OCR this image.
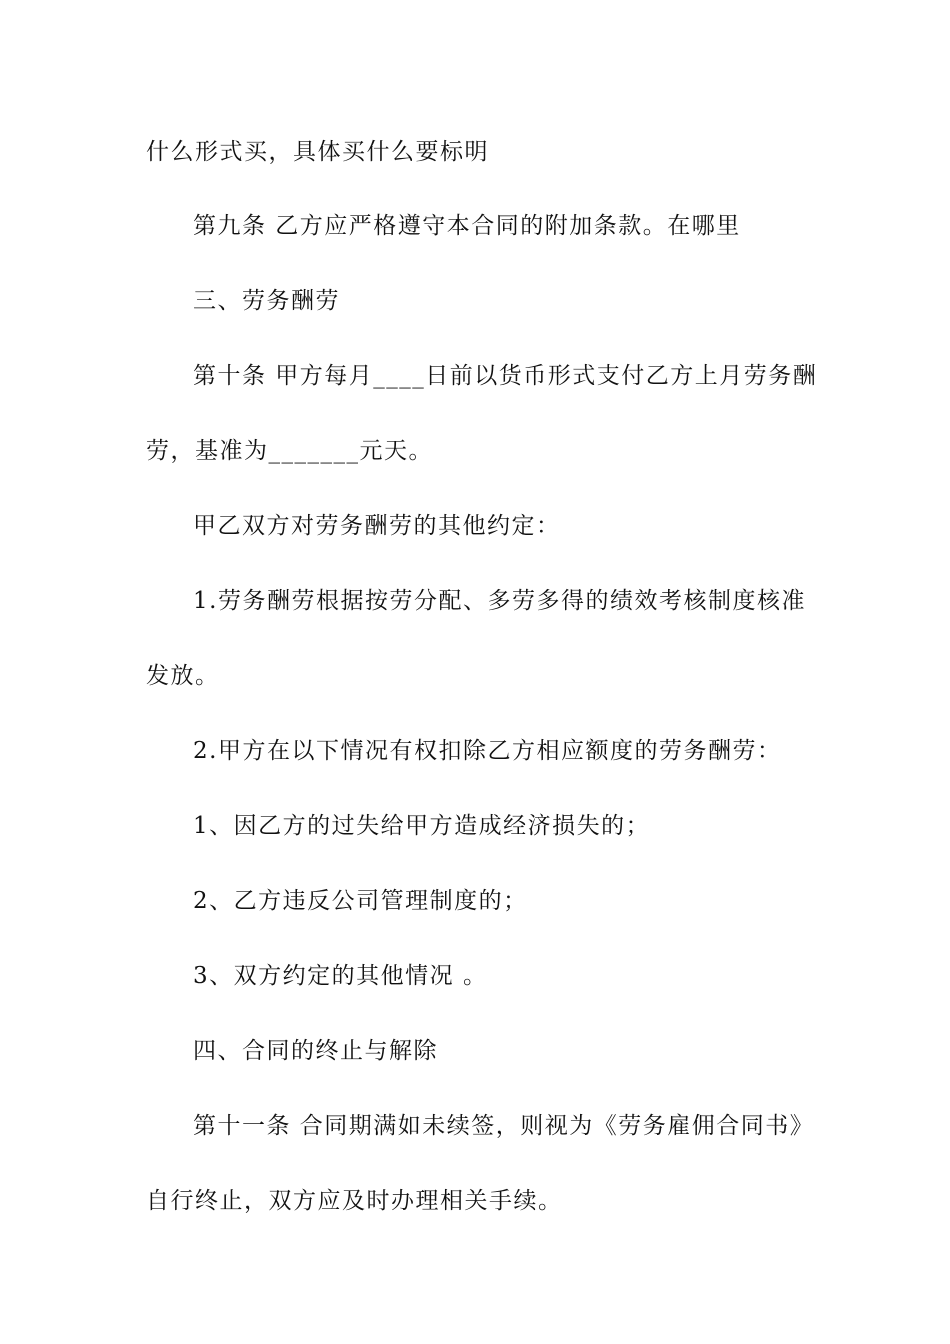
什么形式买，具体买什么要标明
第九条 乙方应严格遵守本合同的附加条款。在哪里
三、劳务酬劳
第十条 甲方每月____日前以货币形式支付乙方上月劳务酬
劳，基准为_______元天。
甲乙双方对劳务酬劳的其他约定：
1.劳务酬劳根据按劳分配、多劳多得的绩效考核制度核准
发放。
2.甲方在以下情况有权扣除乙方相应额度的劳务酬劳：
1、因乙方的过失给甲方造成经济损失的；
2、乙方违反公司管理制度的；
3、双方约定的其他情况 。
四、合同的终止与解除
第十一条 合同期满如未续签，则视为《劳务雇佣合同书》
自行终止，双方应及时办理相关手续。
